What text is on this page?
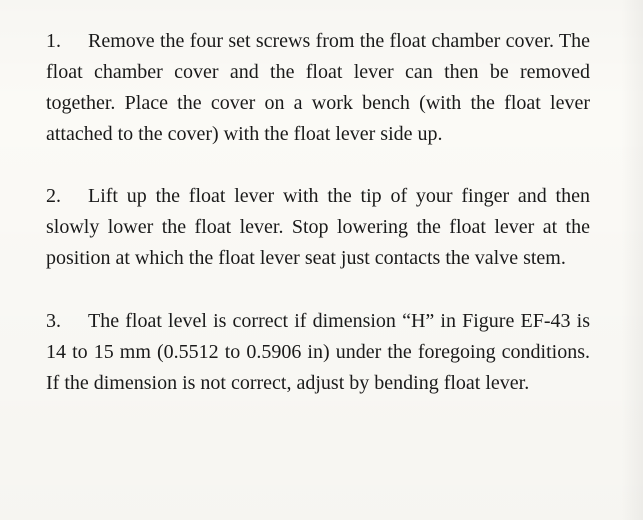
1. Remove the four set screws from the float chamber cover. The float chamber cover and the float lever can then be removed together. Place the cover on a work bench (with the float lever attached to the cover) with the float lever side up.

2. Lift up the float lever with the tip of your finger and then slowly lower the float lever. Stop lowering the float lever at the position at which the float lever seat just contacts the valve stem.

3. The float level is correct if dimension “H” in Figure EF-43 is 14 to 15 mm (0.5512 to 0.5906 in) under the foregoing conditions. If the dimension is not correct, adjust by bending float lever.
